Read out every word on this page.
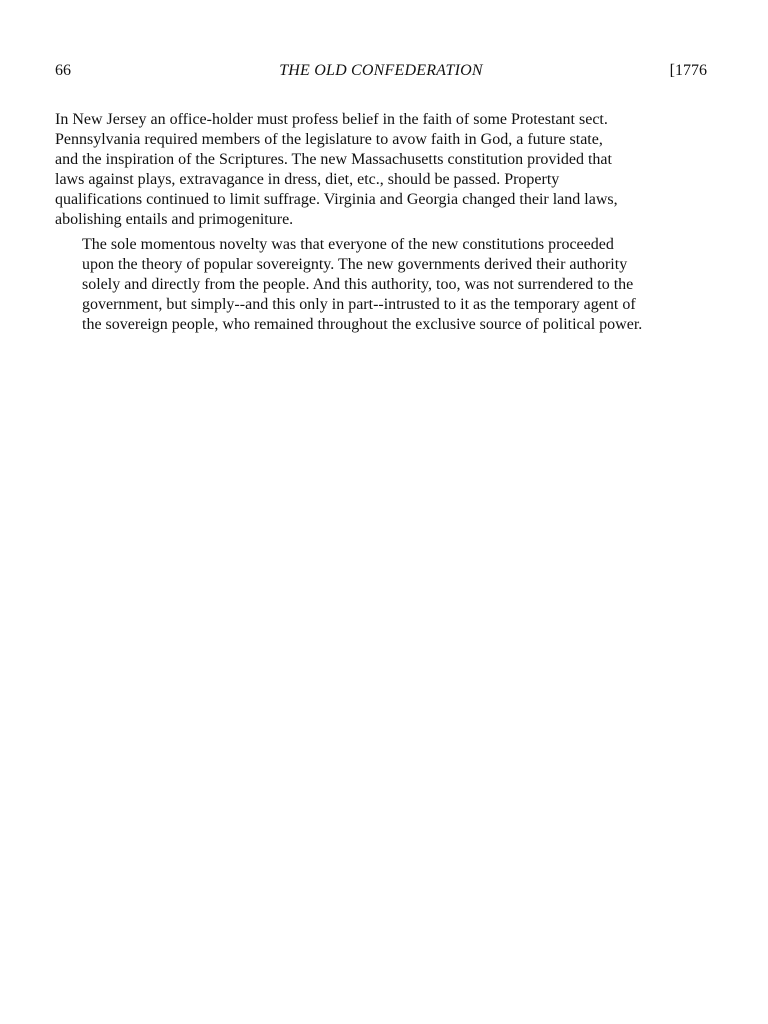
66	THE OLD CONFEDERATION	[1776

In New Jersey an office-holder must profess belief in the faith of some Protestant sect.
Pennsylvania required members of the legislature to avow faith in God, a future state,
and the inspiration of the Scriptures. The new Massachusetts constitution provided that
laws against plays, extravagance in dress, diet, etc., should be passed. Property
qualifications continued to limit suffrage. Virginia and Georgia changed their land laws,
abolishing entails and primogeniture.

The sole momentous novelty was that everyone of the new constitutions proceeded
upon the theory of popular sovereignty. The new governments derived their authority
solely and directly from the people. And this authority, too, was not surrendered to the
government, but simply--and this only in part--intrusted to it as the temporary agent of
the sovereign people, who remained throughout the exclusive source of political power.
